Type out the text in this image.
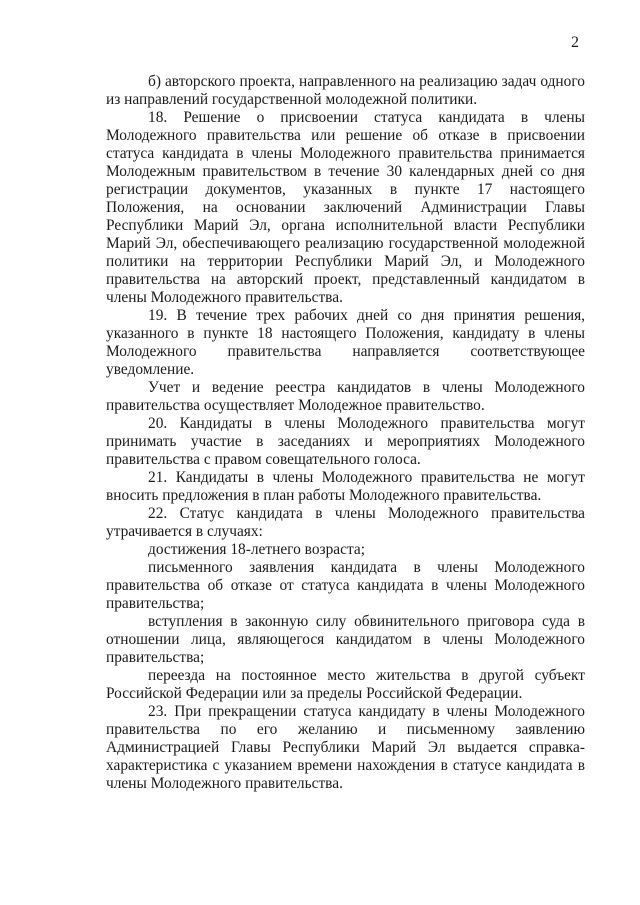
2

б) авторского проекта, направленного на реализацию задач одного из направлений государственной молодежной политики.

18. Решение о присвоении статуса кандидата в члены Молодежного правительства или решение об отказе в присвоении статуса кандидата в члены Молодежного правительства принимается Молодежным правительством в течение 30 календарных дней со дня регистрации документов, указанных в пункте 17 настоящего Положения, на основании заключений Администрации Главы Республики Марий Эл, органа исполнительной власти Республики Марий Эл, обеспечивающего реализацию государственной молодежной политики на территории Республики Марий Эл, и Молодежного правительства на авторский проект, представленный кандидатом в члены Молодежного правительства.

19. В течение трех рабочих дней со дня принятия решения, указанного в пункте 18 настоящего Положения, кандидату в члены Молодежного правительства направляется соответствующее уведомление.

Учет и ведение реестра кандидатов в члены Молодежного правительства осуществляет Молодежное правительство.

20. Кандидаты в члены Молодежного правительства могут принимать участие в заседаниях и мероприятиях Молодежного правительства с правом совещательного голоса.

21. Кандидаты в члены Молодежного правительства не могут вносить предложения в план работы Молодежного правительства.

22. Статус кандидата в члены Молодежного правительства утрачивается в случаях:

достижения 18-летнего возраста;

письменного заявления кандидата в члены Молодежного правительства об отказе от статуса кандидата в члены Молодежного правительства;

вступления в законную силу обвинительного приговора суда в отношении лица, являющегося кандидатом в члены Молодежного правительства;

переезда на постоянное место жительства в другой субъект Российской Федерации или за пределы Российской Федерации.

23. При прекращении статуса кандидату в члены Молодежного правительства по его желанию и письменному заявлению Администрацией Главы Республики Марий Эл выдается справка-характеристика с указанием времени нахождения в статусе кандидата в члены Молодежного правительства.
